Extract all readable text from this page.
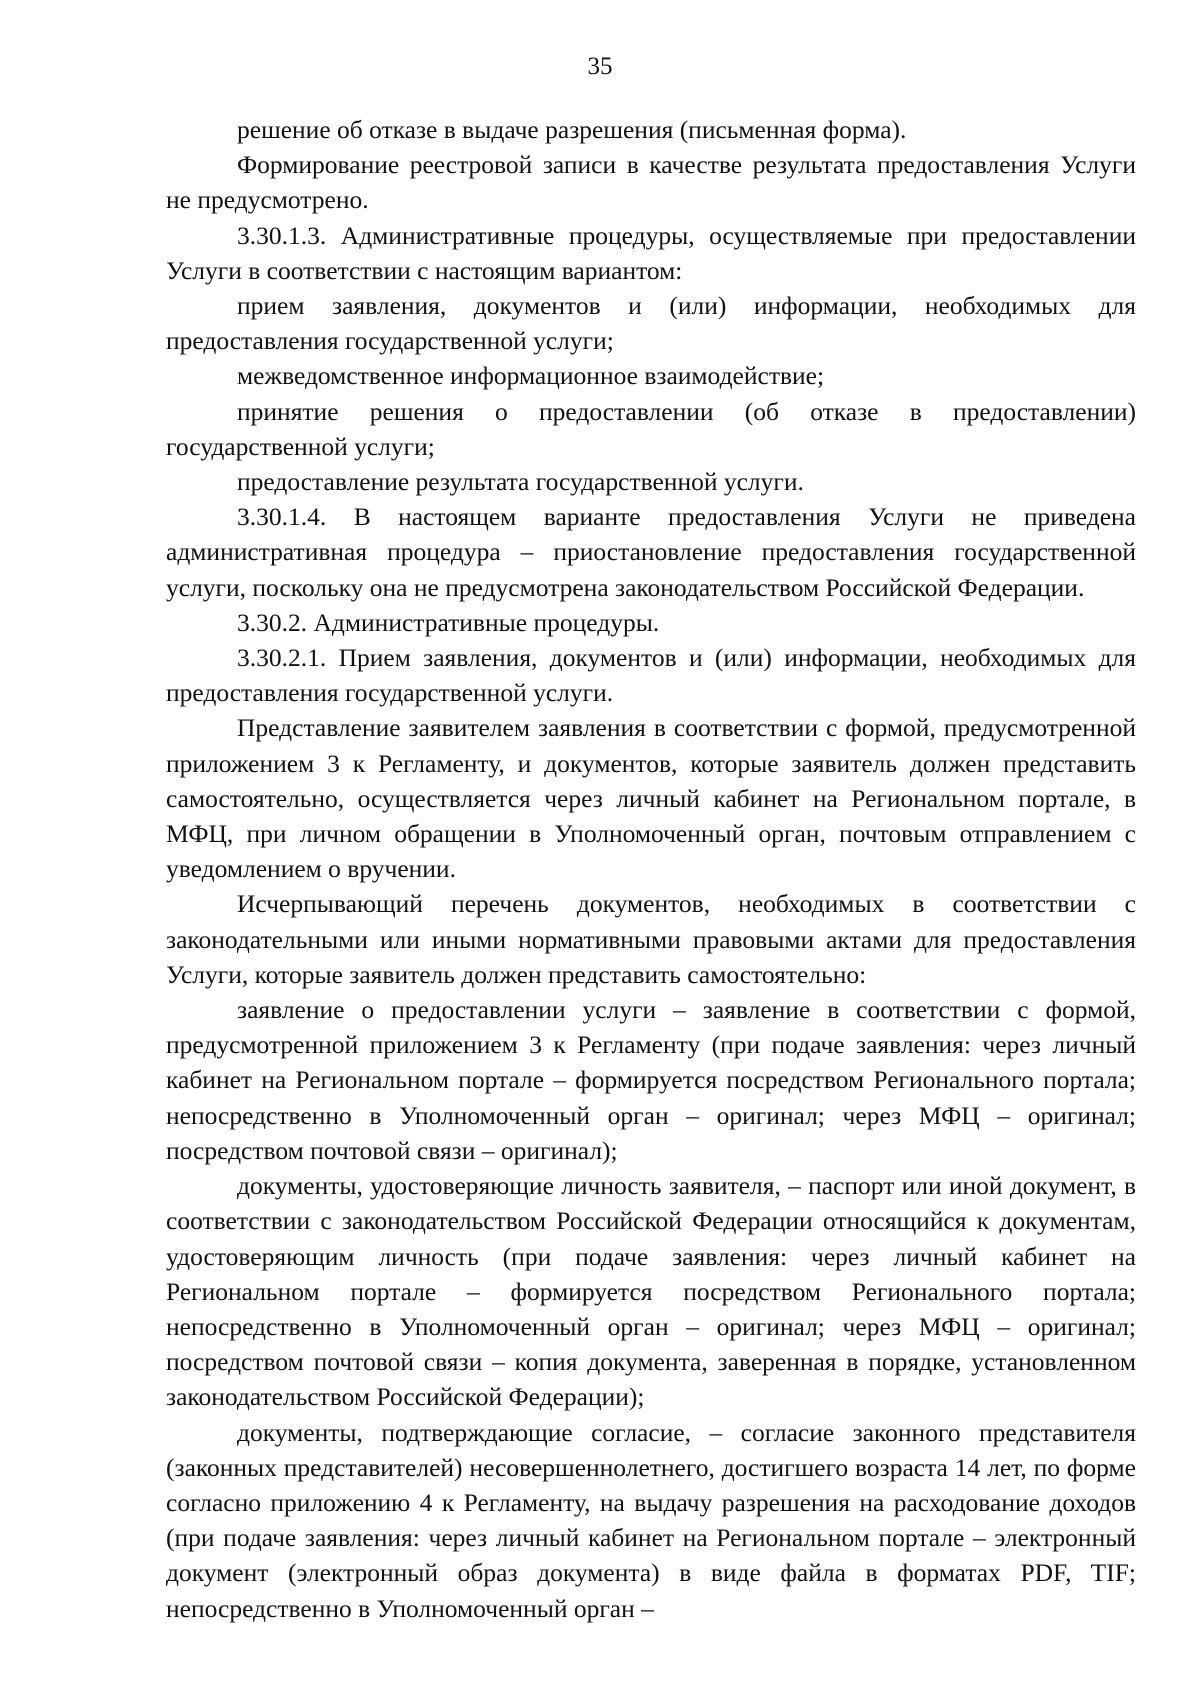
35

решение об отказе в выдаче разрешения (письменная форма).

Формирование реестровой записи в качестве результата предоставления Услуги не предусмотрено.

3.30.1.3. Административные процедуры, осуществляемые при предоставлении Услуги в соответствии с настоящим вариантом:

прием заявления, документов и (или) информации, необходимых для предоставления государственной услуги;

межведомственное информационное взаимодействие;

принятие решения о предоставлении (об отказе в предоставлении) государственной услуги;

предоставление результата государственной услуги.

3.30.1.4. В настоящем варианте предоставления Услуги не приведена административная процедура – приостановление предоставления государственной услуги, поскольку она не предусмотрена законодательством Российской Федерации.

3.30.2. Административные процедуры.

3.30.2.1. Прием заявления, документов и (или) информации, необходимых для предоставления государственной услуги.

Представление заявителем заявления в соответствии с формой, предусмотренной приложением 3 к Регламенту, и документов, которые заявитель должен представить самостоятельно, осуществляется через личный кабинет на Региональном портале, в МФЦ, при личном обращении в Уполномоченный орган, почтовым отправлением с уведомлением о вручении.

Исчерпывающий перечень документов, необходимых в соответствии с законодательными или иными нормативными правовыми актами для предоставления Услуги, которые заявитель должен представить самостоятельно:

заявление о предоставлении услуги – заявление в соответствии с формой, предусмотренной приложением 3 к Регламенту (при подаче заявления: через личный кабинет на Региональном портале – формируется посредством Регионального портала; непосредственно в Уполномоченный орган – оригинал; через МФЦ – оригинал; посредством почтовой связи – оригинал);

документы, удостоверяющие личность заявителя, – паспорт или иной документ, в соответствии с законодательством Российской Федерации относящийся к документам, удостоверяющим личность (при подаче заявления: через личный кабинет на Региональном портале – формируется посредством Регионального портала; непосредственно в Уполномоченный орган – оригинал; через МФЦ – оригинал; посредством почтовой связи – копия документа, заверенная в порядке, установленном законодательством Российской Федерации);

документы, подтверждающие согласие, – согласие законного представителя (законных представителей) несовершеннолетнего, достигшего возраста 14 лет, по форме согласно приложению 4 к Регламенту, на выдачу разрешения на расходование доходов (при подаче заявления: через личный кабинет на Региональном портале – электронный документ (электронный образ документа) в виде файла в форматах PDF, TIF; непосредственно в Уполномоченный орган –
